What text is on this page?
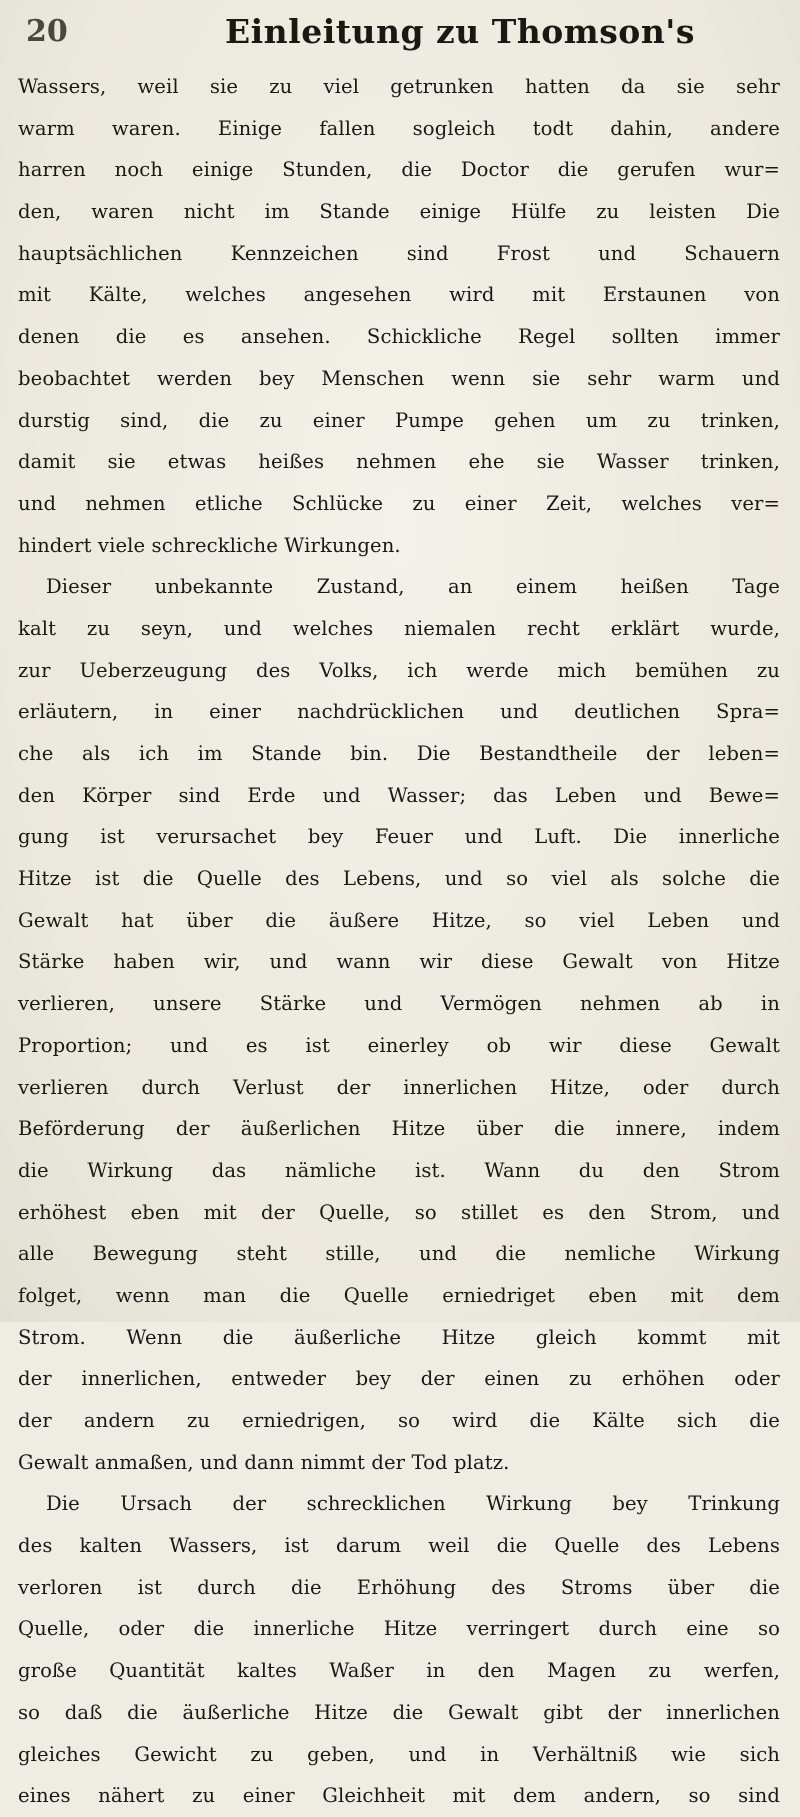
20	Einleitung zu Thomson's
Wassers, weil sie zu viel getrunken hatten da sie sehr
warm waren. Einige fallen sogleich todt dahin, andere
harren noch einige Stunden, die Doctor die gerufen wur=
den, waren nicht im Stande einige Hülfe zu leisten Die
hauptsächlichen Kennzeichen sind Frost und Schauern
mit Kälte, welches angesehen wird mit Erstaunen von
denen die es ansehen. Schickliche Regel sollten immer
beobachtet werden bey Menschen wenn sie sehr warm und
durstig sind, die zu einer Pumpe gehen um zu trinken,
damit sie etwas heißes nehmen ehe sie Wasser trinken,
und nehmen etliche Schlücke zu einer Zeit, welches ver=
hindert viele schreckliche Wirkungen.
Dieser unbekannte Zustand, an einem heißen Tage
kalt zu seyn, und welches niemalen recht erklärt wurde,
zur Ueberzeugung des Volks, ich werde mich bemühen zu
erläutern, in einer nachdrücklichen und deutlichen Spra=
che als ich im Stande bin. Die Bestandtheile der leben=
den Körper sind Erde und Wasser; das Leben und Bewe=
gung ist verursachet bey Feuer und Luft. Die innerliche
Hitze ist die Quelle des Lebens, und so viel als solche die
Gewalt hat über die äußere Hitze, so viel Leben und
Stärke haben wir, und wann wir diese Gewalt von Hitze
verlieren, unsere Stärke und Vermögen nehmen ab in
Proportion; und es ist einerley ob wir diese Gewalt
verlieren durch Verlust der innerlichen Hitze, oder durch
Beförderung der äußerlichen Hitze über die innere, indem
die Wirkung das nämliche ist. Wann du den Strom
erhöhest eben mit der Quelle, so stillet es den Strom, und
alle Bewegung steht stille, und die nemliche Wirkung
folget, wenn man die Quelle erniedriget eben mit dem
Strom. Wenn die äußerliche Hitze gleich kommt mit
der innerlichen, entweder bey der einen zu erhöhen oder
der andern zu erniedrigen, so wird die Kälte sich die
Gewalt anmaßen, und dann nimmt der Tod platz.
Die Ursach der schrecklichen Wirkung bey Trinkung
des kalten Wassers, ist darum weil die Quelle des Lebens
verloren ist durch die Erhöhung des Stroms über die
Quelle, oder die innerliche Hitze verringert durch eine so
große Quantität kaltes Waßer in den Magen zu werfen,
so daß die äußerliche Hitze die Gewalt gibt der innerlichen
gleiches Gewicht zu geben, und in Verhältniß wie sich
eines nähert zu einer Gleichheit mit dem andern, so sind
